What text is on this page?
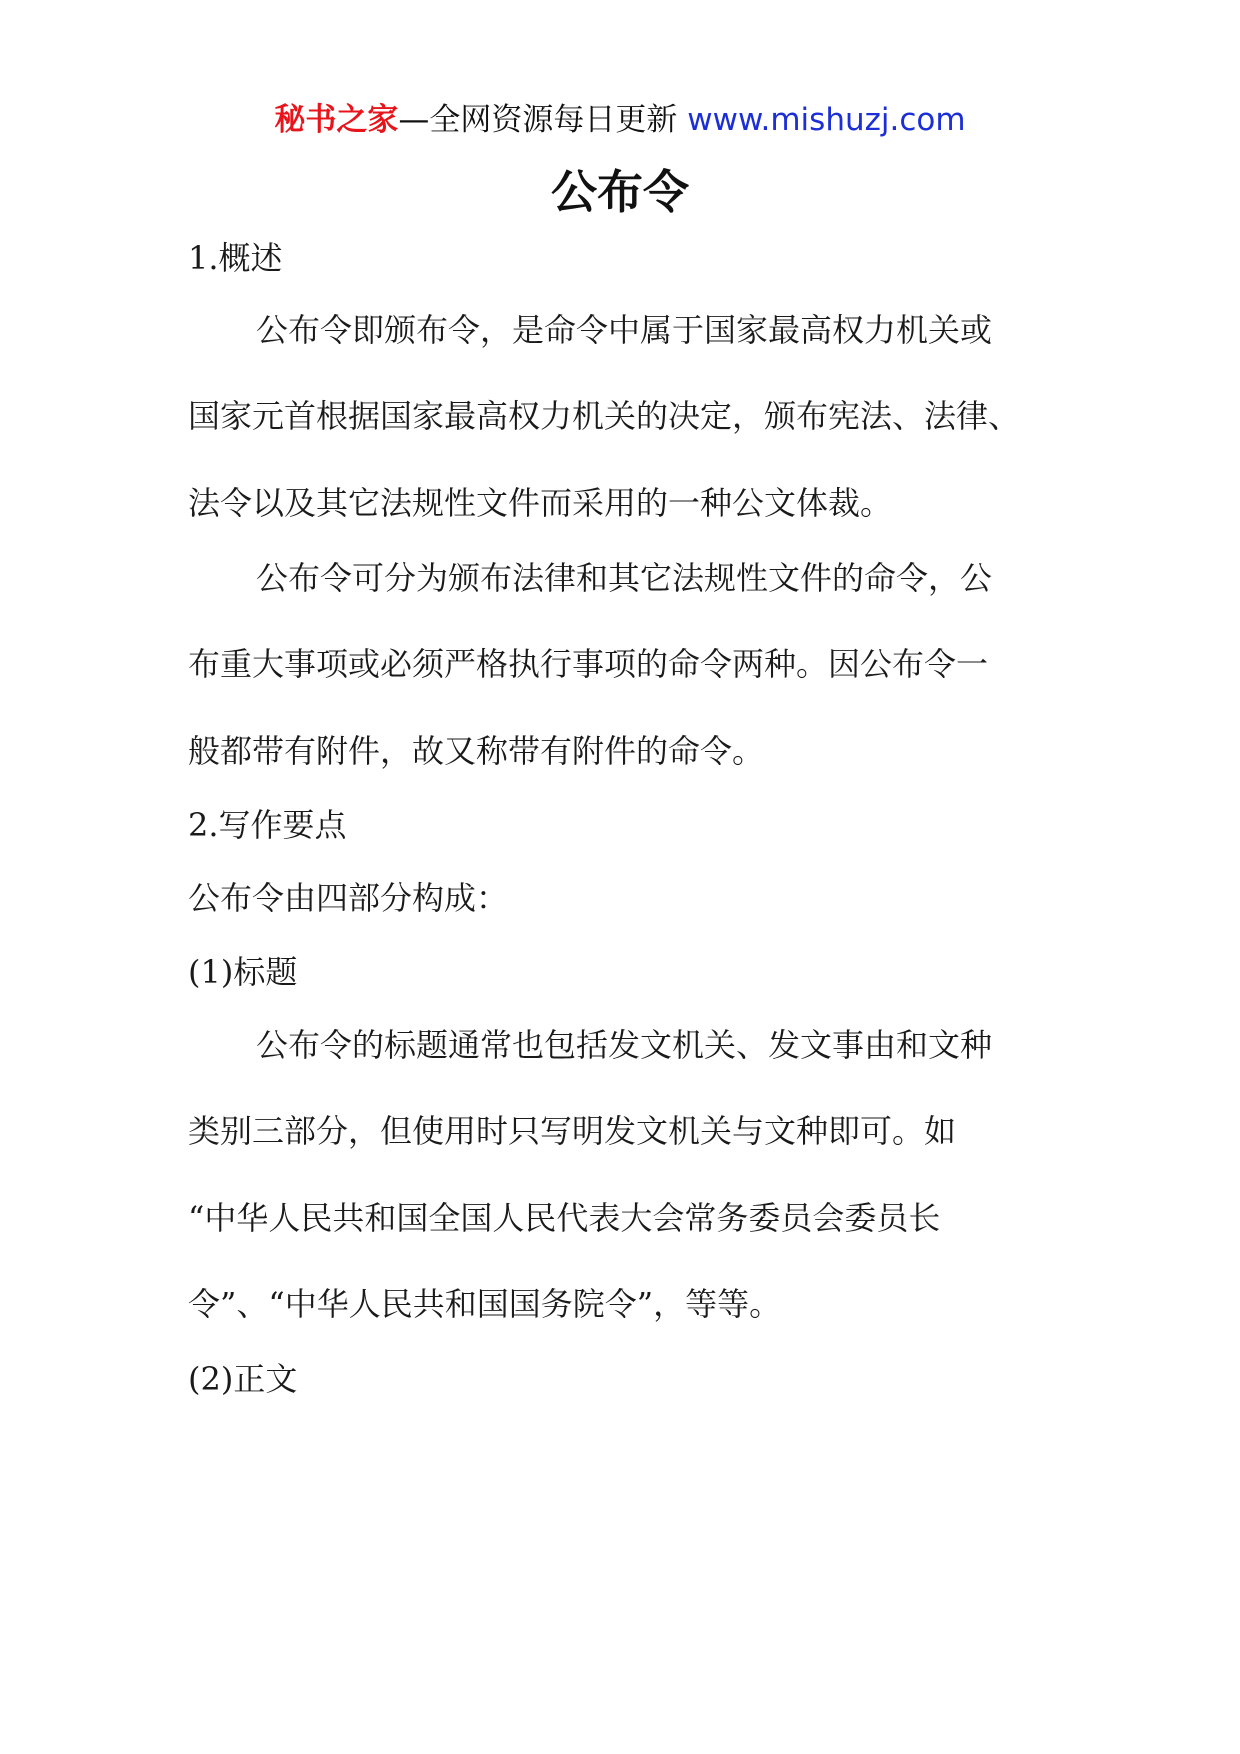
秘书之家—全网资源每日更新 www.mishuzj.com
公布令
1.概述
公布令即颁布令，是命令中属于国家最高权力机关或
国家元首根据国家最高权力机关的决定，颁布宪法、法律、
法令以及其它法规性文件而采用的一种公文体裁。
公布令可分为颁布法律和其它法规性文件的命令，公
布重大事项或必须严格执行事项的命令两种。因公布令一
般都带有附件，故又称带有附件的命令。
2.写作要点
公布令由四部分构成：
(1)标题
公布令的标题通常也包括发文机关、发文事由和文种
类别三部分，但使用时只写明发文机关与文种即可。如
“中华人民共和国全国人民代表大会常务委员会委员长
令”、“中华人民共和国国务院令”，等等。
(2)正文
